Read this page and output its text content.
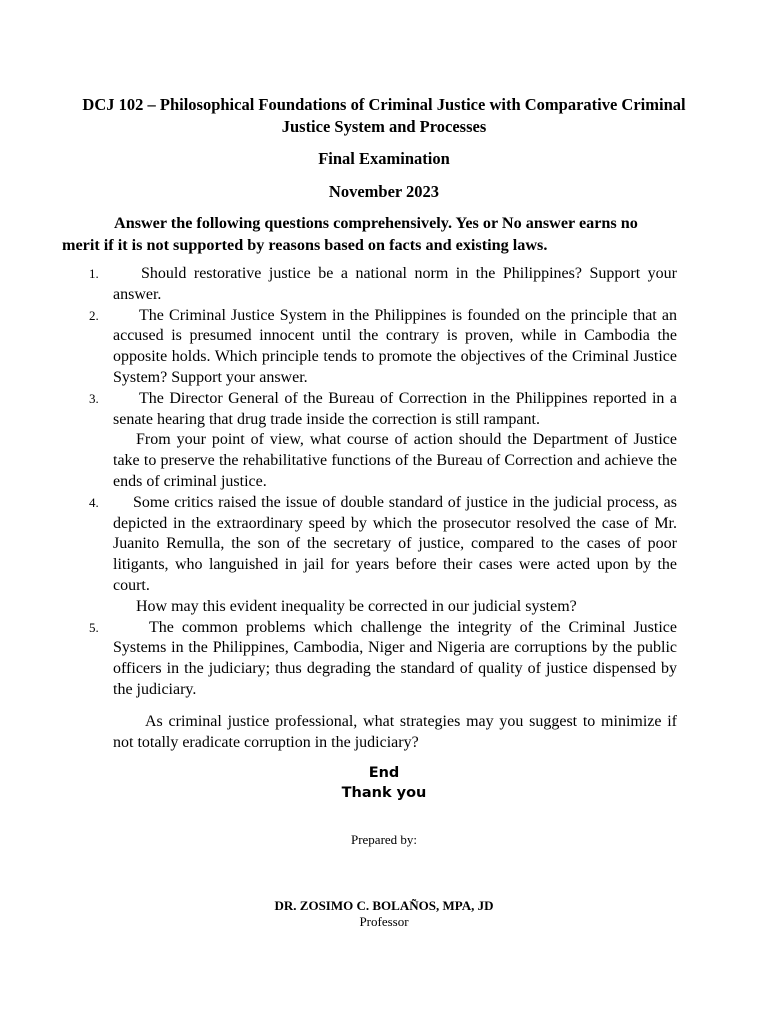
DCJ 102 – Philosophical Foundations of Criminal Justice with Comparative Criminal Justice System and Processes
Final Examination
November 2023
Answer the following questions comprehensively. Yes or No answer earns no
merit if it is not supported by reasons based on facts and existing laws.
1.	Should restorative justice be a national norm in the Philippines? Support your answer.
2.	The Criminal Justice System in the Philippines is founded on the principle that an accused is presumed innocent until the contrary is proven, while in Cambodia the opposite holds. Which principle tends to promote the objectives of the Criminal Justice System? Support your answer.
3.	The Director General of the Bureau of Correction in the Philippines reported in a senate hearing that drug trade inside the correction is still rampant.
From your point of view, what course of action should the Department of Justice take to preserve the rehabilitative functions of the Bureau of Correction and achieve the ends of criminal justice.
4.	Some critics raised the issue of double standard of justice in the judicial process, as depicted in the extraordinary speed by which the prosecutor resolved the case of Mr. Juanito Remulla, the son of the secretary of justice, compared to the cases of poor litigants, who languished in jail for years before their cases were acted upon by the court.
How may this evident inequality be corrected in our judicial system?
5.	The common problems which challenge the integrity of the Criminal Justice Systems in the Philippines, Cambodia, Niger and Nigeria are corruptions by the public officers in the judiciary; thus degrading the standard of quality of justice dispensed by the judiciary.
As criminal justice professional, what strategies may you suggest to minimize if not totally eradicate corruption in the judiciary?
End
Thank you
Prepared by:
DR. ZOSIMO C. BOLAÑOS, MPA, JD
Professor
